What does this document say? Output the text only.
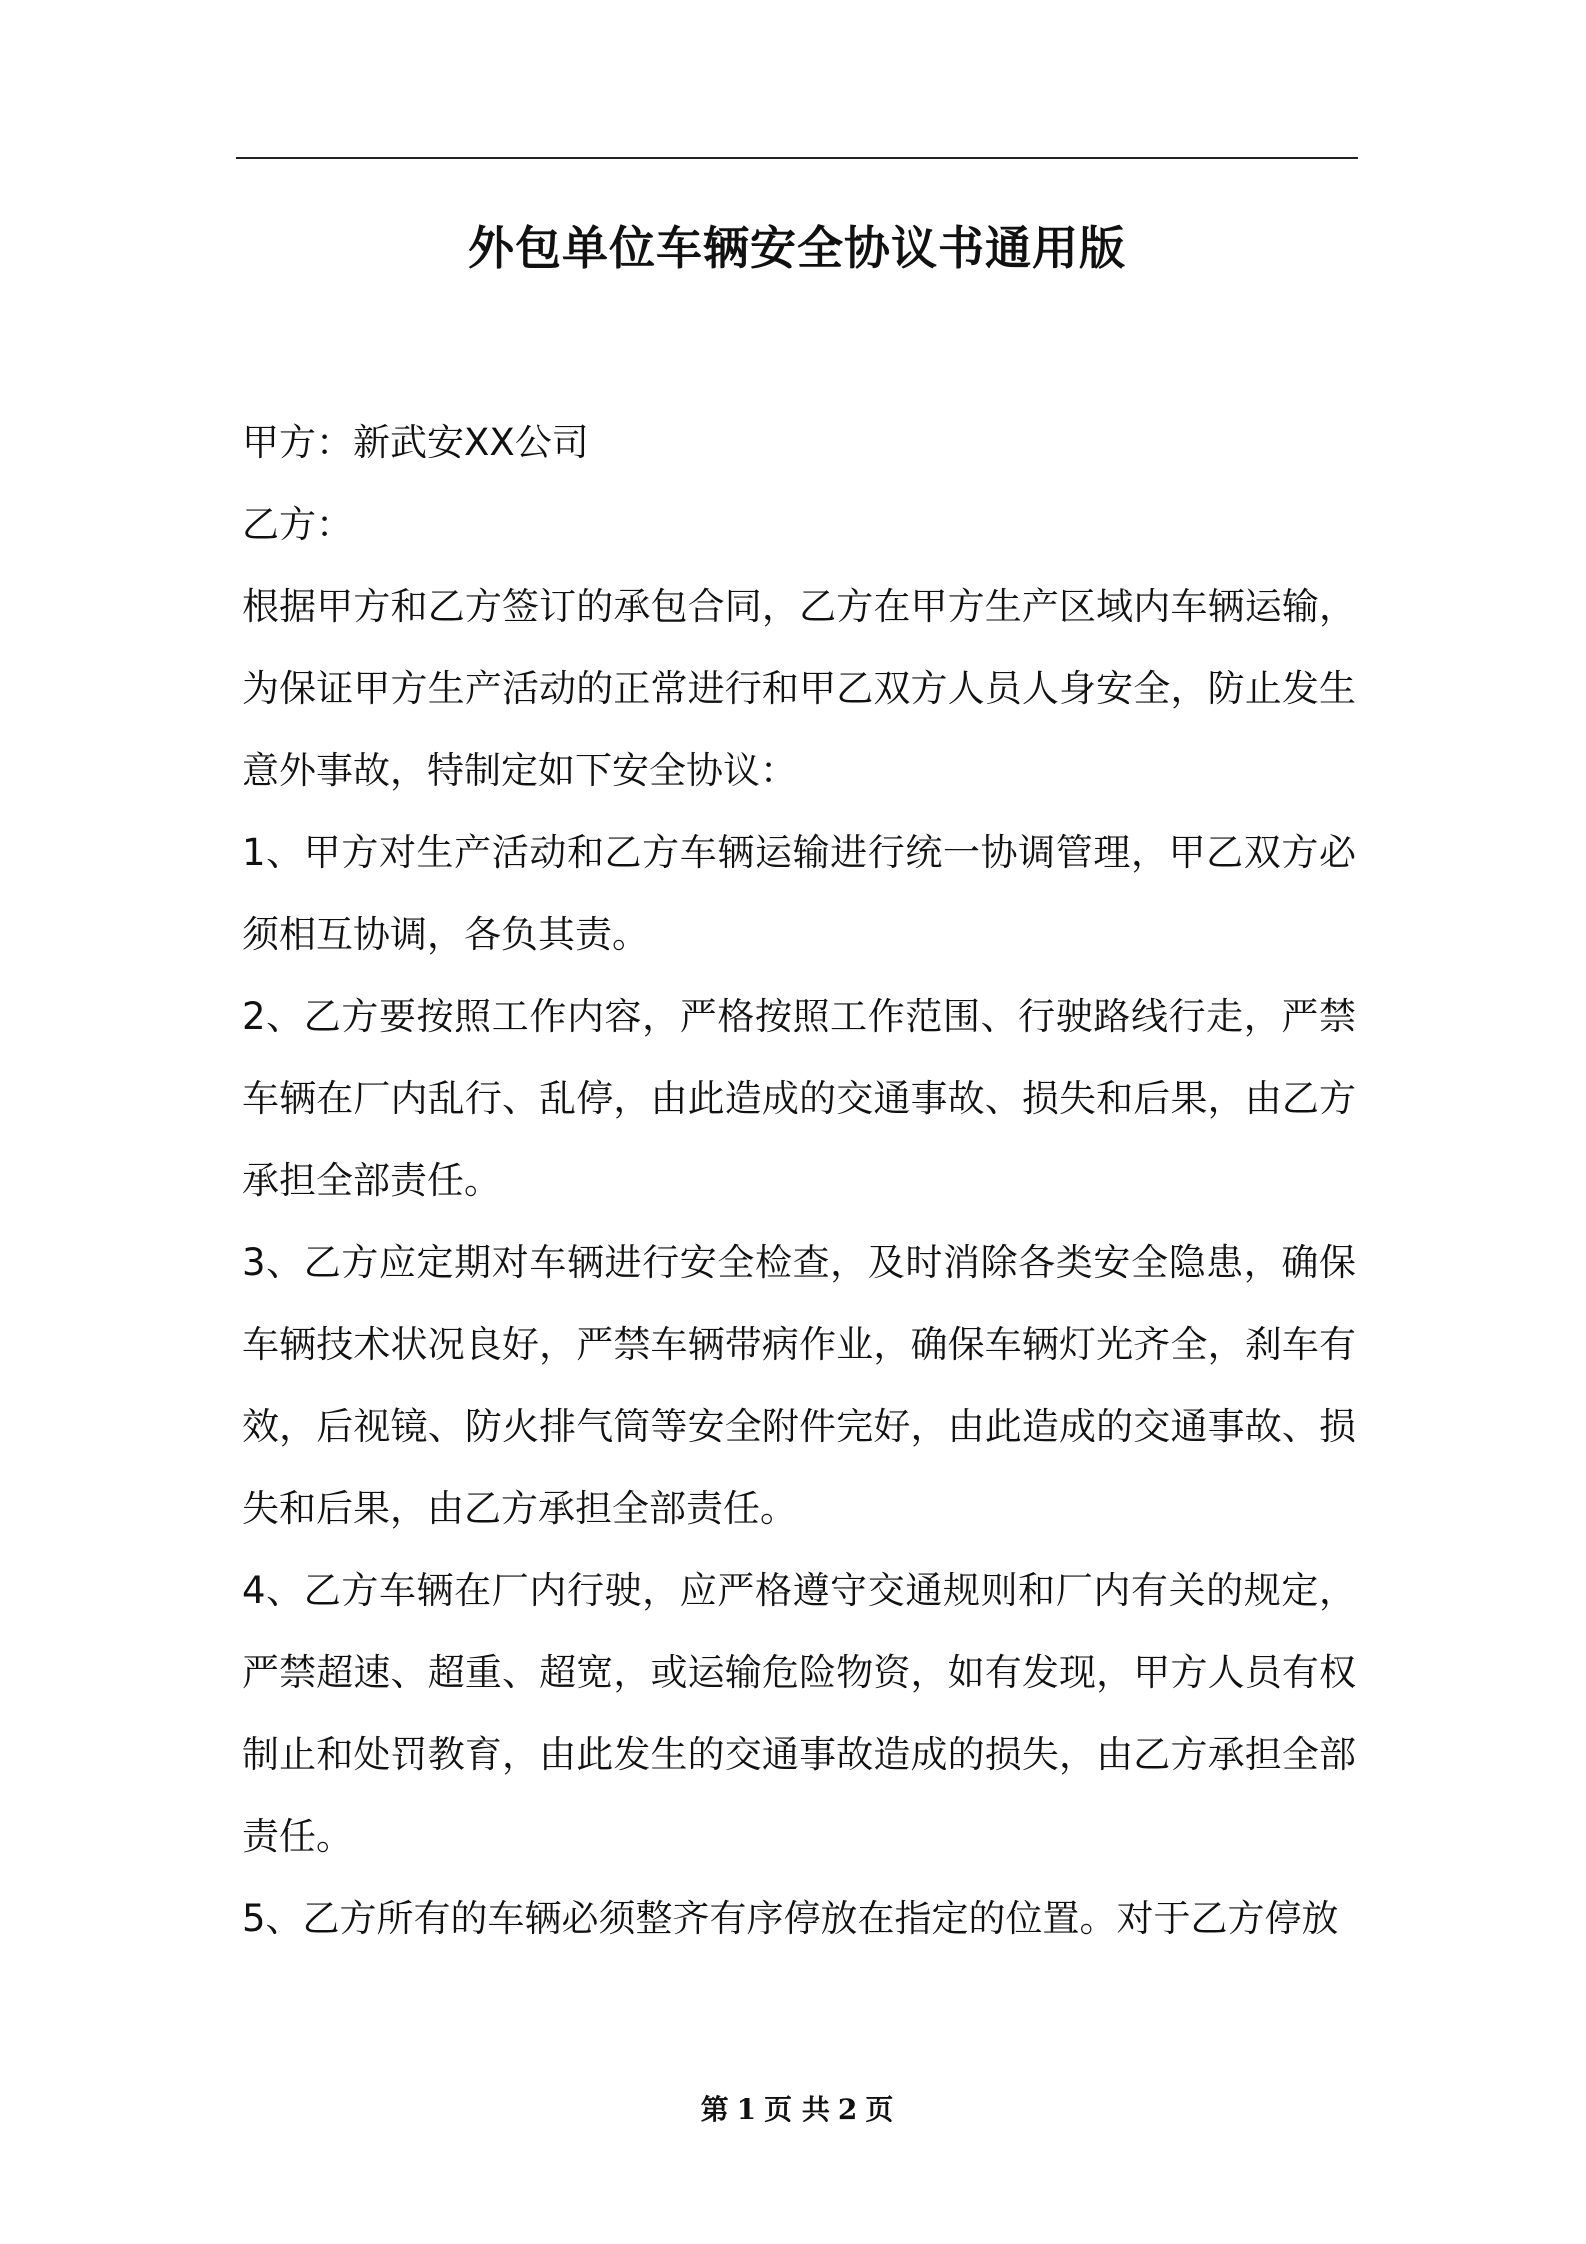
外包单位车辆安全协议书通用版

甲方：新武安XX公司

乙方：

根据甲方和乙方签订的承包合同，乙方在甲方生产区域内车辆运输，为保证甲方生产活动的正常进行和甲乙双方人员人身安全，防止发生意外事故，特制定如下安全协议：

1、甲方对生产活动和乙方车辆运输进行统一协调管理，甲乙双方必须相互协调，各负其责。

2、乙方要按照工作内容，严格按照工作范围、行驶路线行走，严禁车辆在厂内乱行、乱停，由此造成的交通事故、损失和后果，由乙方承担全部责任。

3、乙方应定期对车辆进行安全检查，及时消除各类安全隐患，确保车辆技术状况良好，严禁车辆带病作业，确保车辆灯光齐全，刹车有效，后视镜、防火排气筒等安全附件完好，由此造成的交通事故、损失和后果，由乙方承担全部责任。

4、乙方车辆在厂内行驶，应严格遵守交通规则和厂内有关的规定，严禁超速、超重、超宽，或运输危险物资，如有发现，甲方人员有权制止和处罚教育，由此发生的交通事故造成的损失，由乙方承担全部责任。

5、乙方所有的车辆必须整齐有序停放在指定的位置。对于乙方停放

第 1 页 共 2 页
